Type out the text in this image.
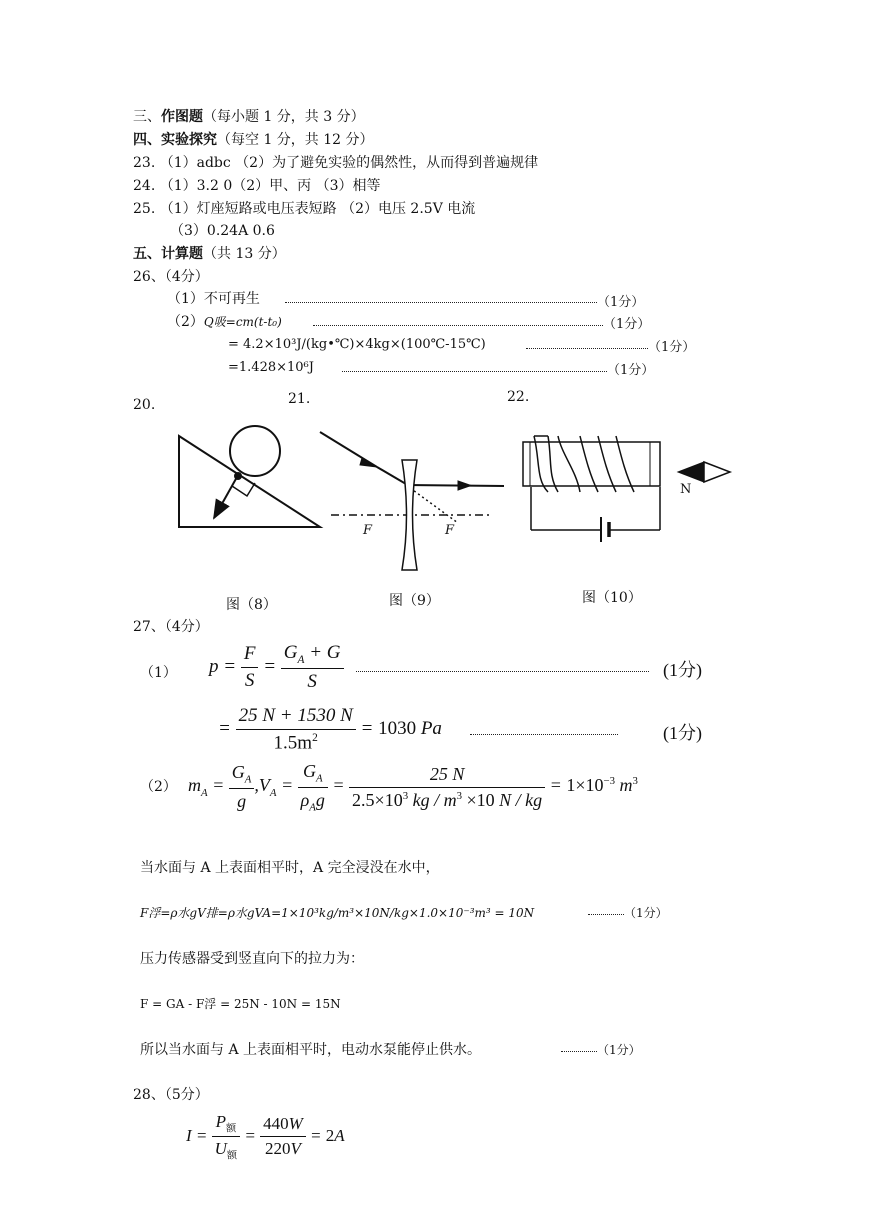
三、作图题（每小题 1 分，共 3 分）
四、实验探究（每空 1 分，共 12 分）
23. （1）adbc （2）为了避免实验的偶然性，从而得到普遍规律
24. （1）3.2 0（2）甲、丙 （3）相等
25. （1）灯座短路或电压表短路 （2）电压 2.5V 电流
（3）0.24A 0.6
五、计算题（共 13 分）
26、（4分）
（1）不可再生	（1分）
（2）Q吸=cm(t-t₀)	（1分）
= 4.2×10³J/(kg•℃)×4kg×(100℃-15℃)	（1分）
=1.428×10⁶J	（1分）
20.	21.	22.
F	F
N
图（8）	图（9）	图（10）
27、（4分）
（1） $p = \frac{F}{S} = \frac{G_A + G}{S}$	(1分)
= $\frac{25 N + 1530 N}{1.5m^2} = 1030$ Pa	(1分)
（2） $m_A = \frac{G_A}{g} ,V_A = \frac{G_A}{\rho_Ag} = \frac{25 N}{2.5\times 10^3 kg / m^3 \times 10 N / kg} = 1\times 10^{-3}$ $m^3$
当水面与 A 上表面相平时，A 完全浸没在水中，
F浮=ρ水gV排=ρ水gVA=1×10³kg/m³×10N/kg×1.0×10⁻³m³ = 10N	（1分）
压力传感器受到竖直向下的拉力为：
F = GA - F浮 = 25N - 10N = 15N
所以当水面与 A 上表面相平时，电动水泵能停止供水。	（1分）
28、（5分）
$I = \frac{P_额}{U_额} = \frac{440W}{220V} = 2A$
